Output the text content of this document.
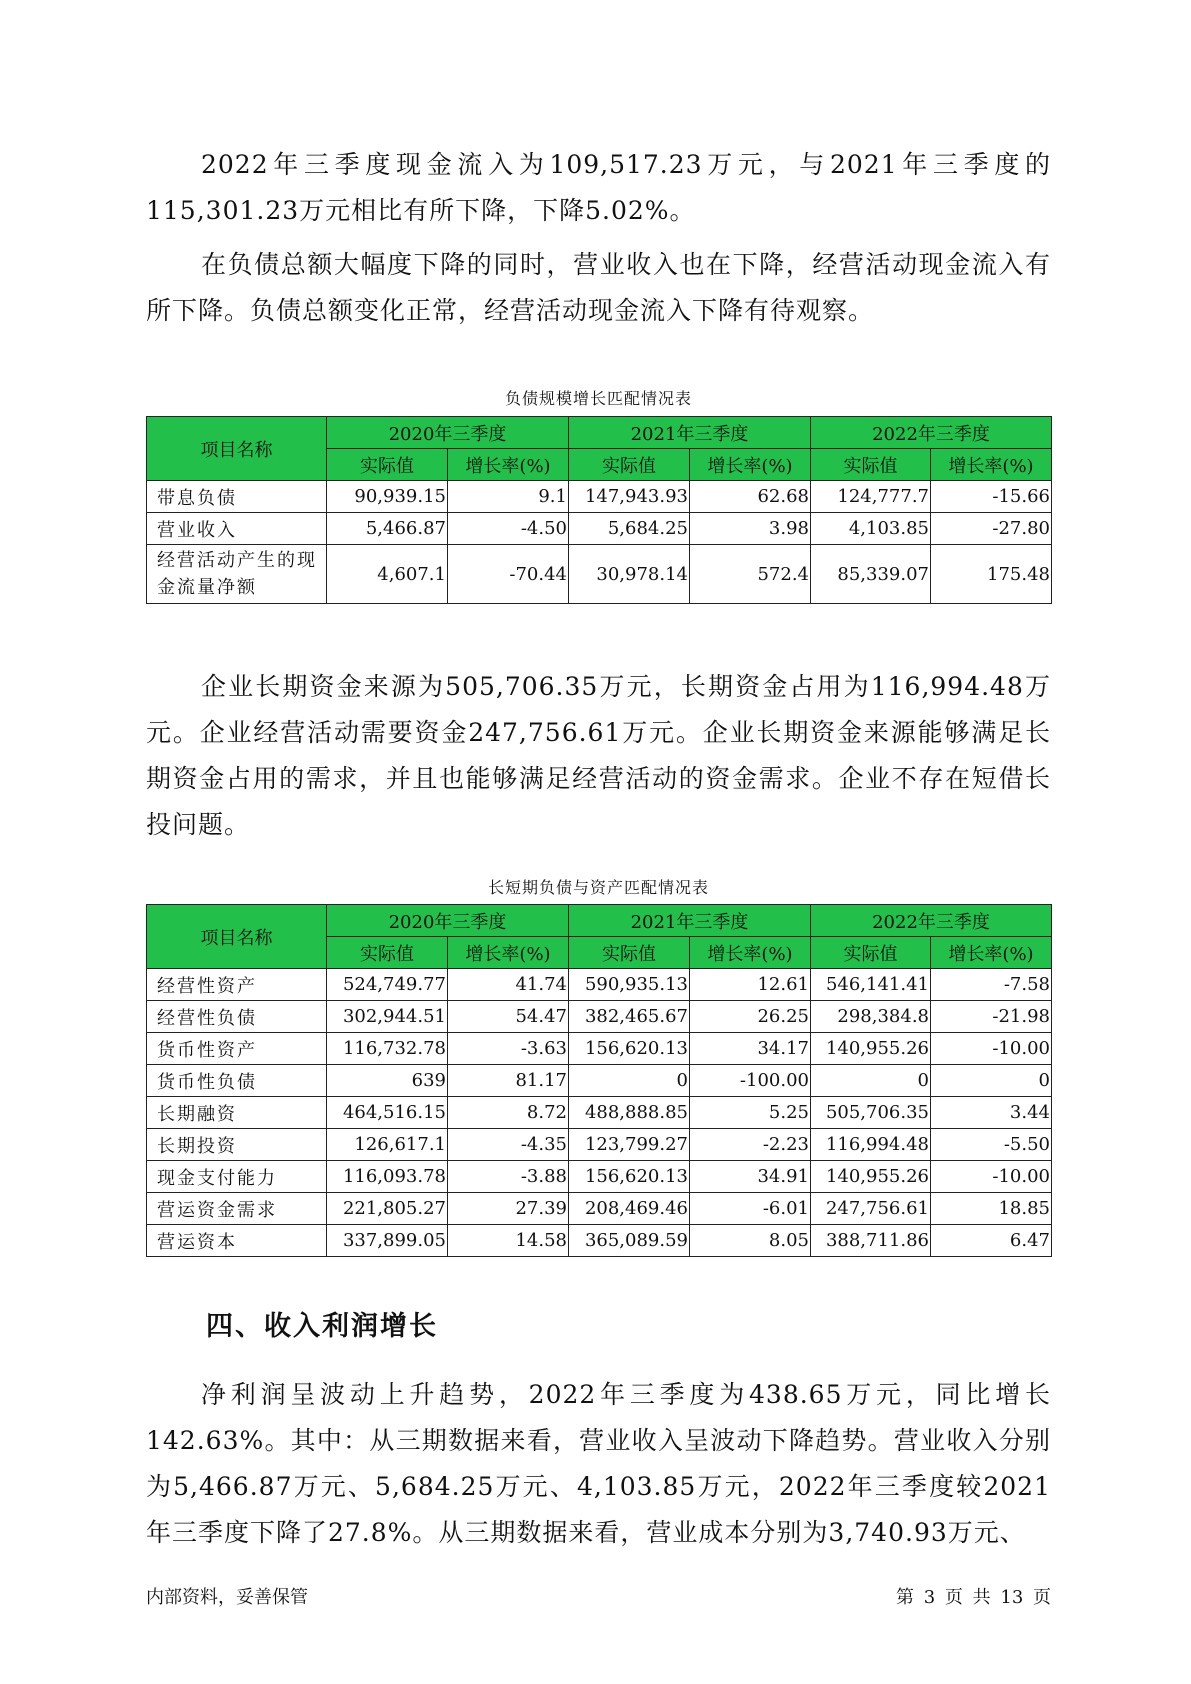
2022年三季度现金流入为109,517.23万元，与2021年三季度的115,301.23万元相比有所下降，下降5.02%。

在负债总额大幅度下降的同时，营业收入也在下降，经营活动现金流入有所下降。负债总额变化正常，经营活动现金流入下降有待观察。

负债规模增长匹配情况表
项目名称	2020年三季度		2021年三季度		2022年三季度	
	实际值	增长率(%)	实际值	增长率(%)	实际值	增长率(%)
带息负债	90,939.15	9.1	147,943.93	62.68	124,777.7	-15.66
营业收入	5,466.87	-4.50	5,684.25	3.98	4,103.85	-27.80
经营活动产生的现金流量净额	4,607.1	-70.44	30,978.14	572.4	85,339.07	175.48

企业长期资金来源为505,706.35万元，长期资金占用为116,994.48万元。企业经营活动需要资金247,756.61万元。企业长期资金来源能够满足长期资金占用的需求，并且也能够满足经营活动的资金需求。企业不存在短借长投问题。

长短期负债与资产匹配情况表
项目名称	2020年三季度		2021年三季度		2022年三季度	
	实际值	增长率(%)	实际值	增长率(%)	实际值	增长率(%)
经营性资产	524,749.77	41.74	590,935.13	12.61	546,141.41	-7.58
经营性负债	302,944.51	54.47	382,465.67	26.25	298,384.8	-21.98
货币性资产	116,732.78	-3.63	156,620.13	34.17	140,955.26	-10.00
货币性负债	639	81.17	0	-100.00	0	0
长期融资	464,516.15	8.72	488,888.85	5.25	505,706.35	3.44
长期投资	126,617.1	-4.35	123,799.27	-2.23	116,994.48	-5.50
现金支付能力	116,093.78	-3.88	156,620.13	34.91	140,955.26	-10.00
营运资金需求	221,805.27	27.39	208,469.46	-6.01	247,756.61	18.85
营运资本	337,899.05	14.58	365,089.59	8.05	388,711.86	6.47
四、收入利润增长

净利润呈波动上升趋势，2022年三季度为438.65万元，同比增长142.63%。其中：从三期数据来看，营业收入呈波动下降趋势。营业收入分别为5,466.87万元、5,684.25万元、4,103.85万元，2022年三季度较2021年三季度下降了27.8%。从三期数据来看，营业成本分别为3,740.93万元、

内部资料，妥善保管	第 3 页 共 13 页
